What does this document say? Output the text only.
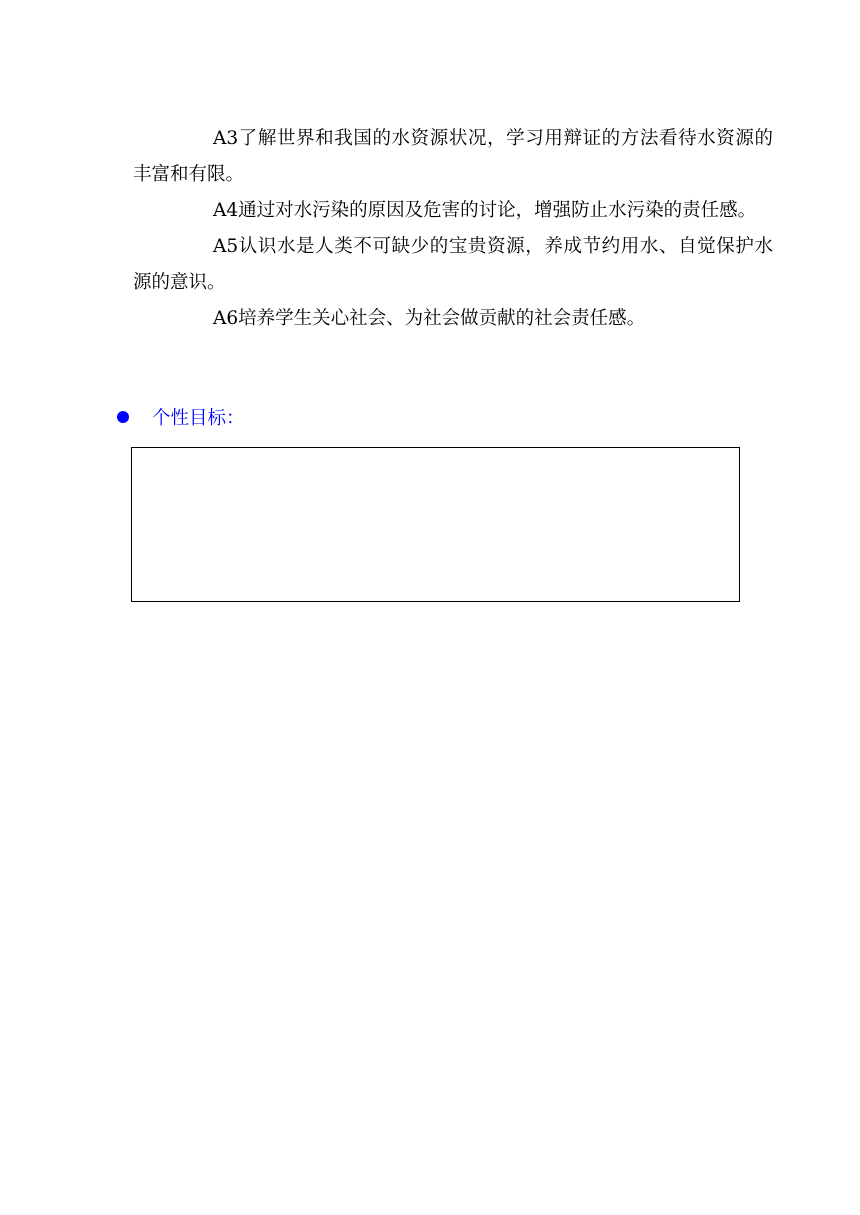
A3了解世界和我国的水资源状况，学习用辩证的方法看待水资源的丰富和有限。

A4通过对水污染的原因及危害的讨论，增强防止水污染的责任感。

A5认识水是人类不可缺少的宝贵资源，养成节约用水、自觉保护水源的意识。

A6培养学生关心社会、为社会做贡献的社会责任感。

个性目标：
